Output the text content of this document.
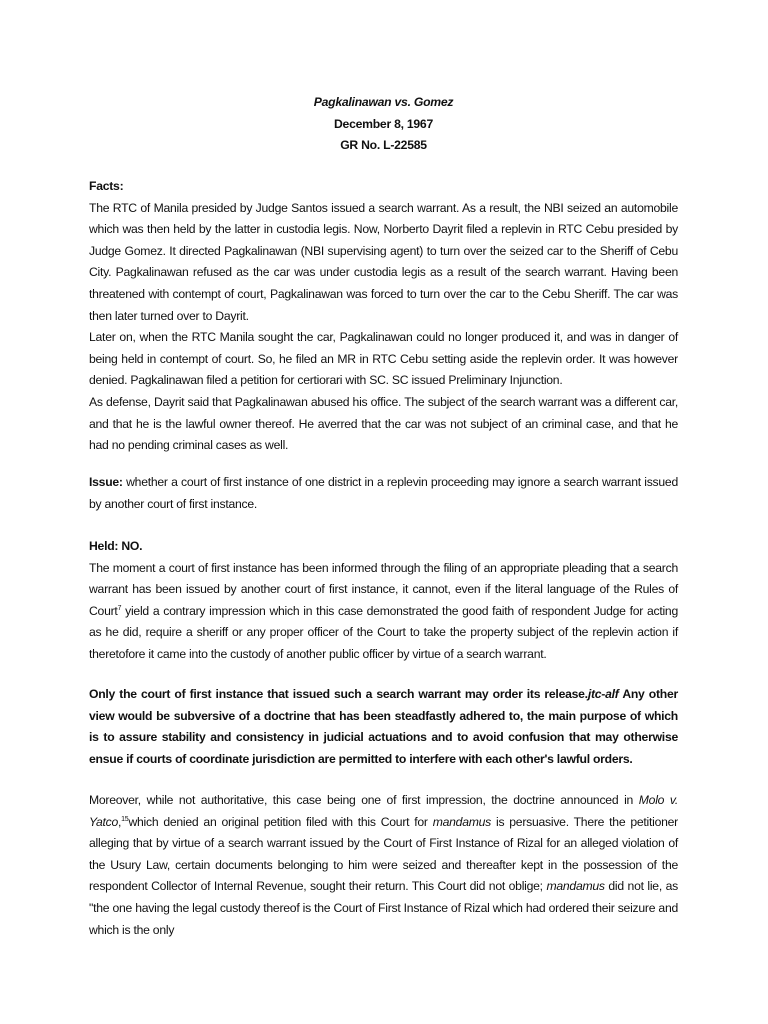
Pagkalinawan vs. Gomez
December 8, 1967
GR No. L-22585
Facts:

The RTC of Manila presided by Judge Santos issued a search warrant. As a result, the NBI seized an automobile which was then held by the latter in custodia legis. Now, Norberto Dayrit filed a replevin in RTC Cebu presided by Judge Gomez. It directed Pagkalinawan (NBI supervising agent) to turn over the seized car to the Sheriff of Cebu City. Pagkalinawan refused as the car was under custodia legis as a result of the search warrant. Having been threatened with contempt of court, Pagkalinawan was forced to turn over the car to the Cebu Sheriff. The car was then later turned over to Dayrit.

Later on, when the RTC Manila sought the car, Pagkalinawan could no longer produced it, and was in danger of being held in contempt of court. So, he filed an MR in RTC Cebu setting aside the replevin order. It was however denied. Pagkalinawan filed a petition for certiorari with SC. SC issued Preliminary Injunction.

As defense, Dayrit said that Pagkalinawan abused his office. The subject of the search warrant was a different car, and that he is the lawful owner thereof. He averred that the car was not subject of an criminal case, and that he had no pending criminal cases as well.

Issue: whether a court of first instance of one district in a replevin proceeding may ignore a search warrant issued by another court of first instance.

Held: NO.

The moment a court of first instance has been informed through the filing of an appropriate pleading that a search warrant has been issued by another court of first instance, it cannot, even if the literal language of the Rules of Court$^7$ yield a contrary impression which in this case demonstrated the good faith of respondent Judge for acting as he did, require a sheriff or any proper officer of the Court to take the property subject of the replevin action if theretofore it came into the custody of another public officer by virtue of a search warrant.

Only the court of first instance that issued such a search warrant may order its release.jtc-alf Any other view would be subversive of a doctrine that has been steadfastly adhered to, the main purpose of which is to assure stability and consistency in judicial actuations and to avoid confusion that may otherwise ensue if courts of coordinate jurisdiction are permitted to interfere with each other's lawful orders.

Moreover, while not authoritative, this case being one of first impression, the doctrine announced in Molo v. Yatco,$^{15}$which denied an original petition filed with this Court for mandamus is persuasive. There the petitioner alleging that by virtue of a search warrant issued by the Court of First Instance of Rizal for an alleged violation of the Usury Law, certain documents belonging to him were seized and thereafter kept in the possession of the respondent Collector of Internal Revenue, sought their return. This Court did not oblige; mandamus did not lie, as "the one having the legal custody thereof is the Court of First Instance of Rizal which had ordered their seizure and which is the only
